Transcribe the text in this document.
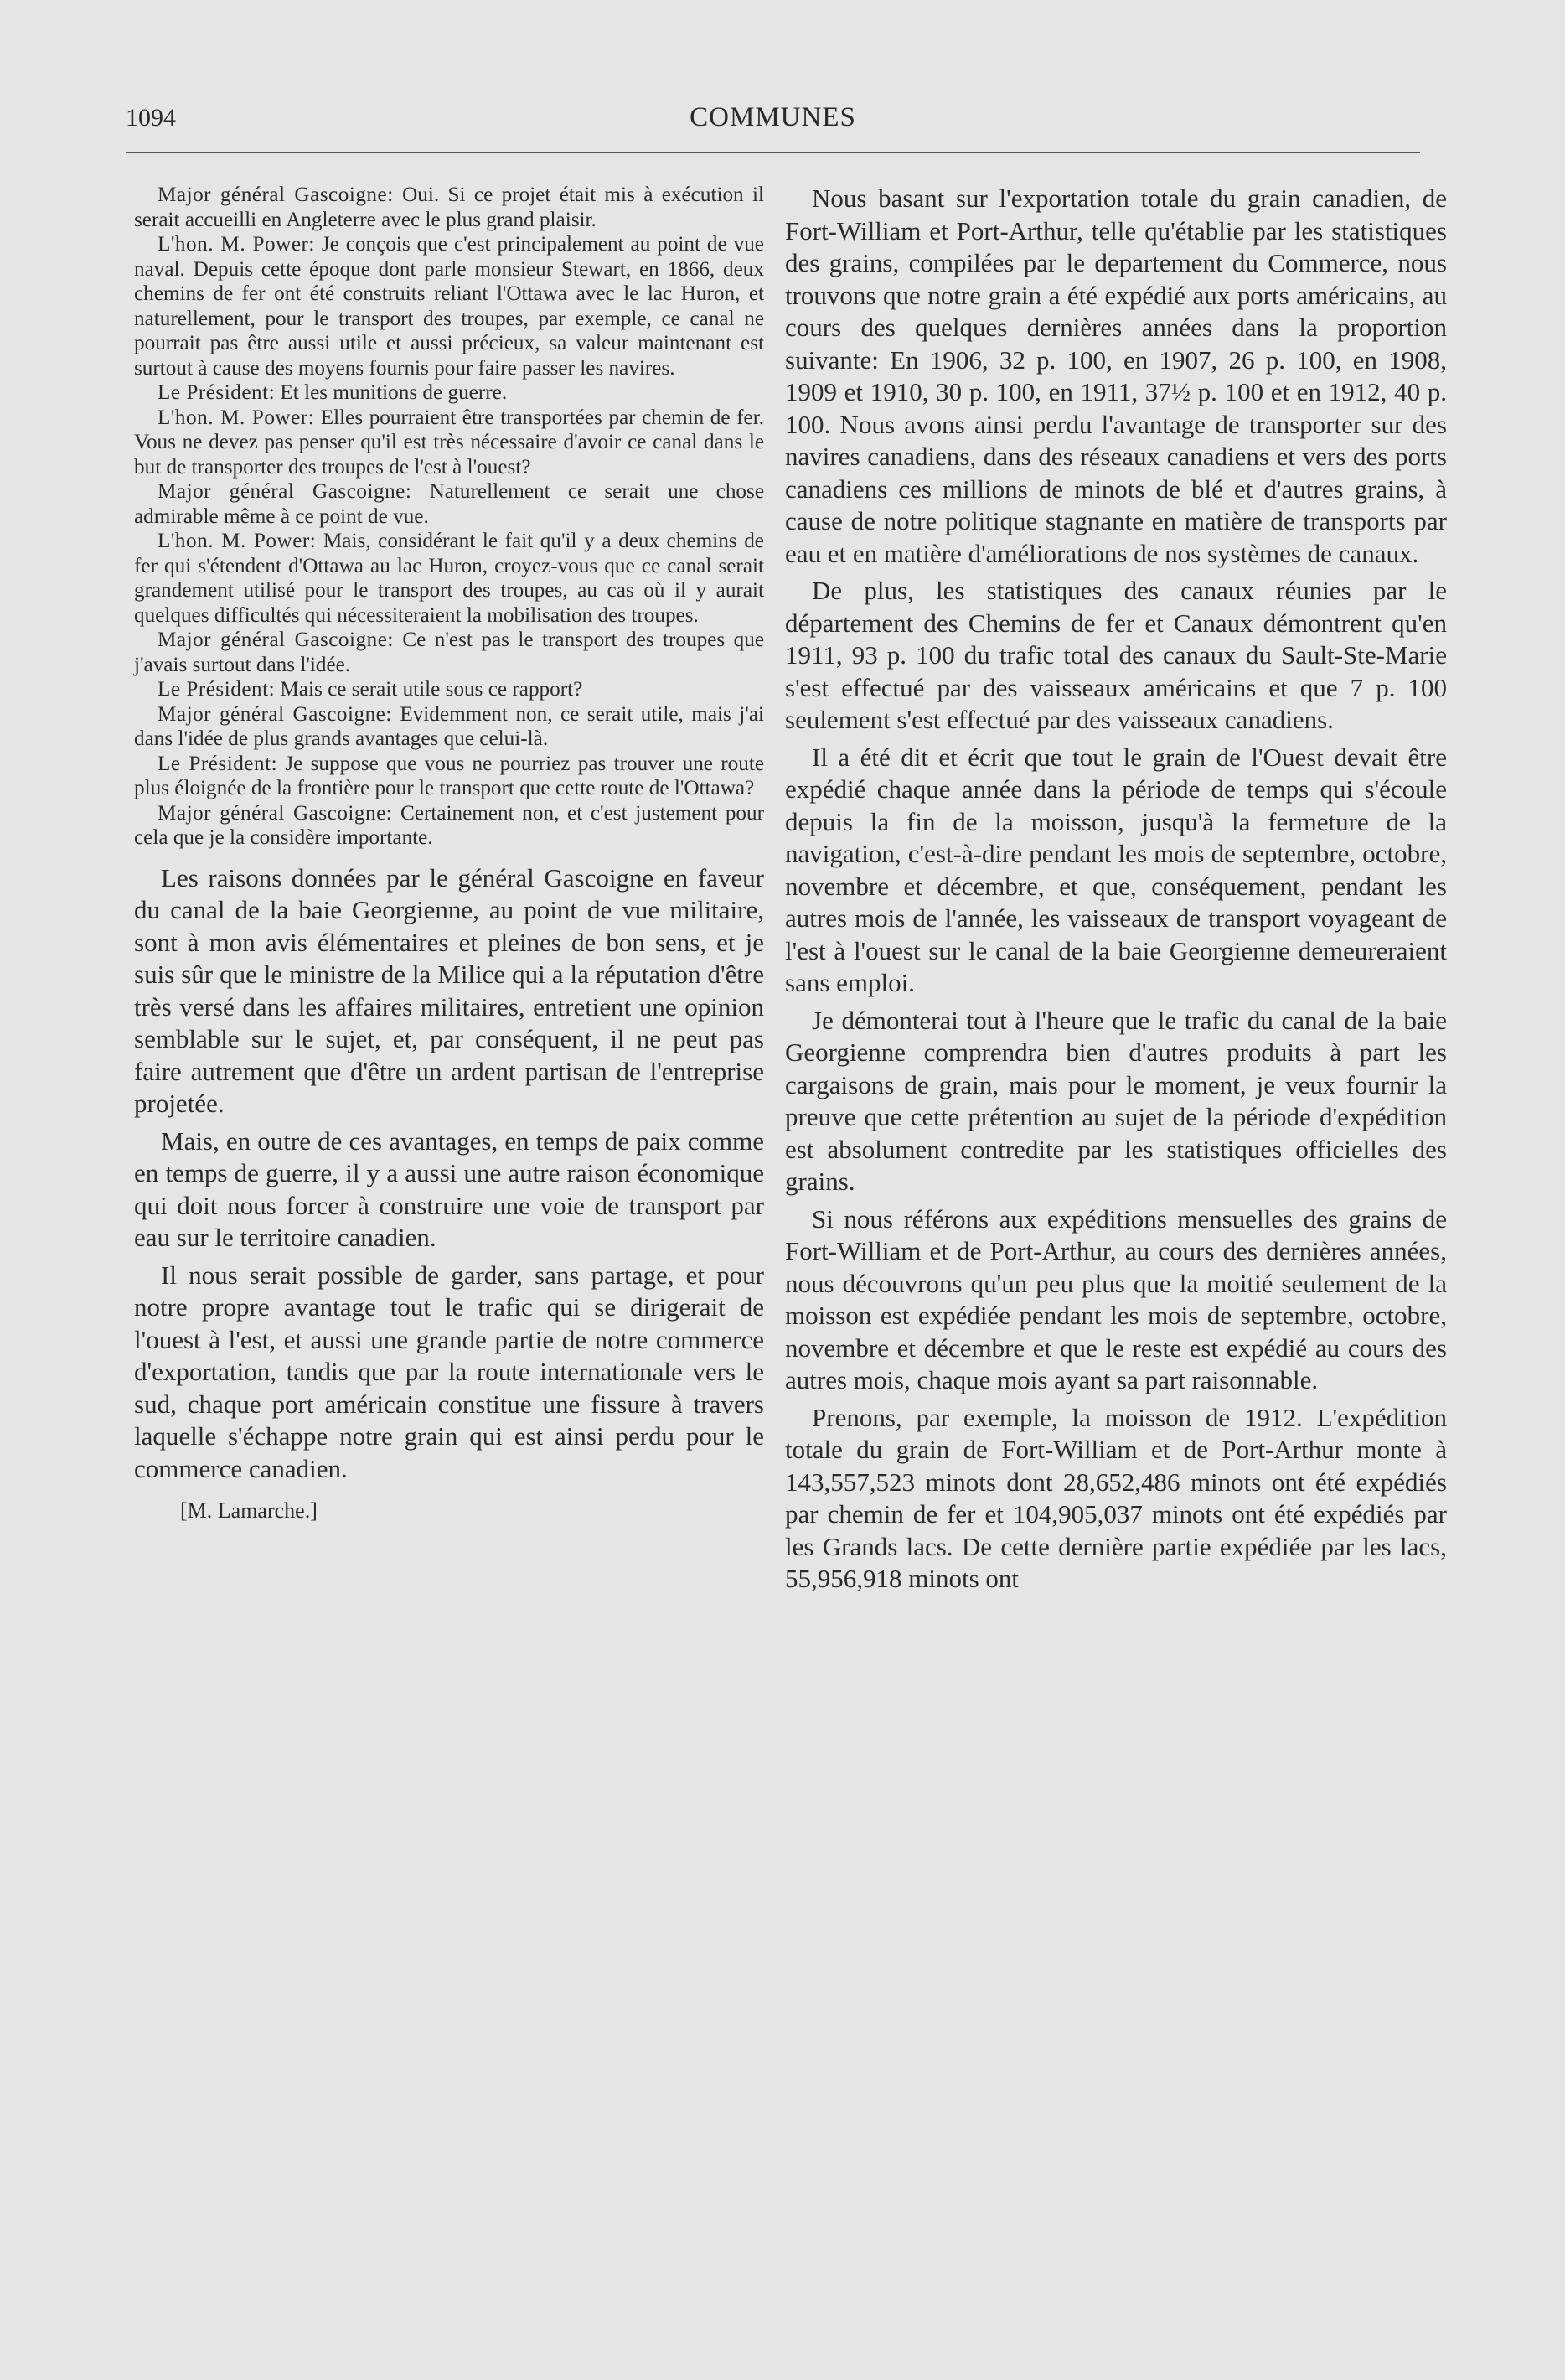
1094	COMMUNES

Major général Gascoigne: Oui. Si ce projet était mis à exécution il serait accueilli en Angleterre avec le plus grand plaisir.

L'hon. M. Power: Je conçois que c'est principalement au point de vue naval. Depuis cette époque dont parle monsieur Stewart, en 1866, deux chemins de fer ont été construits reliant l'Ottawa avec le lac Huron, et naturellement, pour le transport des troupes, par exemple, ce canal ne pourrait pas être aussi utile et aussi précieux, sa valeur maintenant est surtout à cause des moyens fournis pour faire passer les navires.

Le Président: Et les munitions de guerre.

L'hon. M. Power: Elles pourraient être transportées par chemin de fer. Vous ne devez pas penser qu'il est très nécessaire d'avoir ce canal dans le but de transporter des troupes de l'est à l'ouest?

Major général Gascoigne: Naturellement ce serait une chose admirable même à ce point de vue.

L'hon. M. Power: Mais, considérant le fait qu'il y a deux chemins de fer qui s'étendent d'Ottawa au lac Huron, croyez-vous que ce canal serait grandement utilisé pour le transport des troupes, au cas où il y aurait quelques difficultés qui nécessiteraient la mobilisation des troupes.

Major général Gascoigne: Ce n'est pas le transport des troupes que j'avais surtout dans l'idée.

Le Président: Mais ce serait utile sous ce rapport?

Major général Gascoigne: Evidemment non, ce serait utile, mais j'ai dans l'idée de plus grands avantages que celui-là.

Le Président: Je suppose que vous ne pourriez pas trouver une route plus éloignée de la frontière pour le transport que cette route de l'Ottawa?

Major général Gascoigne: Certainement non, et c'est justement pour cela que je la considère importante.

Les raisons données par le général Gascoigne en faveur du canal de la baie Georgienne, au point de vue militaire, sont à mon avis élémentaires et pleines de bon sens, et je suis sûr que le ministre de la Milice qui a la réputation d'être très versé dans les affaires militaires, entretient une opinion semblable sur le sujet, et, par conséquent, il ne peut pas faire autrement que d'être un ardent partisan de l'entreprise projetée.

Mais, en outre de ces avantages, en temps de paix comme en temps de guerre, il y a aussi une autre raison économique qui doit nous forcer à construire une voie de transport par eau sur le territoire canadien.

Il nous serait possible de garder, sans partage, et pour notre propre avantage tout le trafic qui se dirigerait de l'ouest à l'est, et aussi une grande partie de notre commerce d'exportation, tandis que par la route internationale vers le sud, chaque port américain constitue une fissure à travers laquelle s'échappe notre grain qui est ainsi perdu pour le commerce canadien.

[M. Lamarche.]

Nous basant sur l'exportation totale du grain canadien, de Fort-William et Port-Arthur, telle qu'établie par les statistiques des grains, compilées par le departement du Commerce, nous trouvons que notre grain a été expédié aux ports américains, au cours des quelques dernières années dans la proportion suivante: En 1906, 32 p. 100, en 1907, 26 p. 100, en 1908, 1909 et 1910, 30 p. 100, en 1911, 37½ p. 100 et en 1912, 40 p. 100. Nous avons ainsi perdu l'avantage de transporter sur des navires canadiens, dans des réseaux canadiens et vers des ports canadiens ces millions de minots de blé et d'autres grains, à cause de notre politique stagnante en matière de transports par eau et en matière d'améliorations de nos systèmes de canaux.

De plus, les statistiques des canaux réunies par le département des Chemins de fer et Canaux démontrent qu'en 1911, 93 p. 100 du trafic total des canaux du Sault-Ste-Marie s'est effectué par des vaisseaux américains et que 7 p. 100 seulement s'est effectué par des vaisseaux canadiens.

Il a été dit et écrit que tout le grain de l'Ouest devait être expédié chaque année dans la période de temps qui s'écoule depuis la fin de la moisson, jusqu'à la fermeture de la navigation, c'est-à-dire pendant les mois de septembre, octobre, novembre et décembre, et que, conséquement, pendant les autres mois de l'année, les vaisseaux de transport voyageant de l'est à l'ouest sur le canal de la baie Georgienne demeureraient sans emploi.

Je démonterai tout à l'heure que le trafic du canal de la baie Georgienne comprendra bien d'autres produits à part les cargaisons de grain, mais pour le moment, je veux fournir la preuve que cette prétention au sujet de la période d'expédition est absolument contredite par les statistiques officielles des grains.

Si nous référons aux expéditions mensuelles des grains de Fort-William et de Port-Arthur, au cours des dernières années, nous découvrons qu'un peu plus que la moitié seulement de la moisson est expédiée pendant les mois de septembre, octobre, novembre et décembre et que le reste est expédié au cours des autres mois, chaque mois ayant sa part raisonnable.

Prenons, par exemple, la moisson de 1912. L'expédition totale du grain de Fort-William et de Port-Arthur monte à 143,557,523 minots dont 28,652,486 minots ont été expédiés par chemin de fer et 104,905,037 minots ont été expédiés par les Grands lacs. De cette dernière partie expédiée par les lacs, 55,956,918 minots ont
